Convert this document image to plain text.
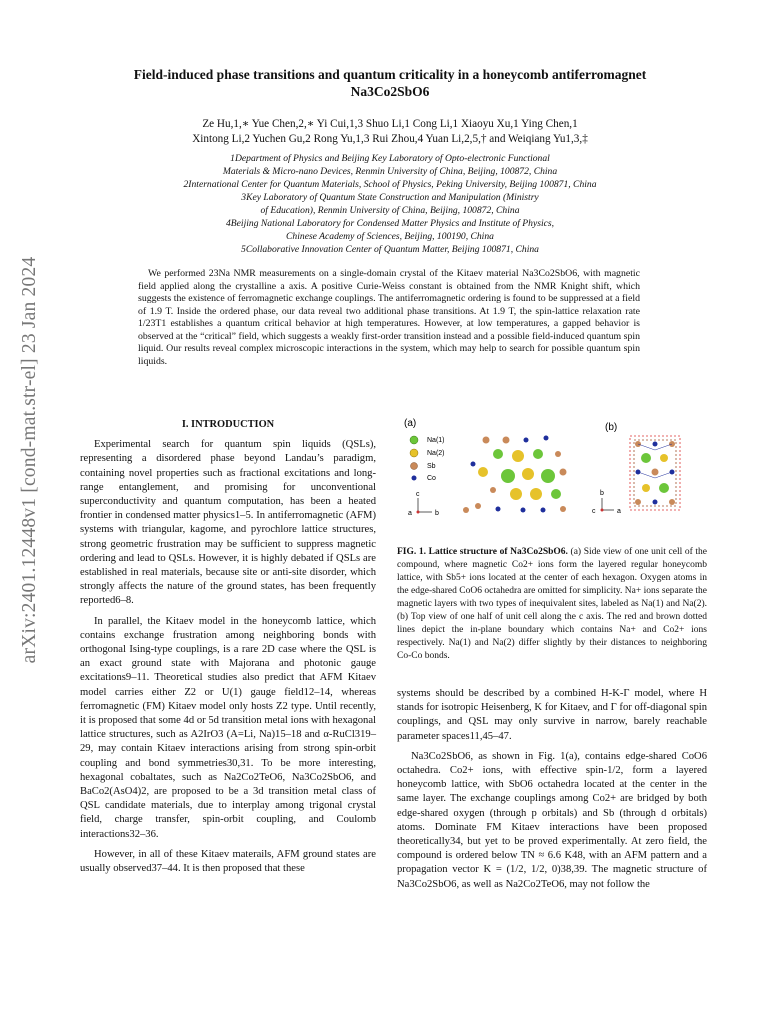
arXiv:2401.12448v1 [cond-mat.str-el] 23 Jan 2024
Field-induced phase transitions and quantum criticality in a honeycomb antiferromagnet
Na3Co2SbO6
Ze Hu,1,∗ Yue Chen,2,∗ Yi Cui,1,3 Shuo Li,1 Cong Li,1 Xiaoyu Xu,1 Ying Chen,1
Xintong Li,2 Yuchen Gu,2 Rong Yu,1,3 Rui Zhou,4 Yuan Li,2,5,† and Weiqiang Yu1,3,‡
1Department of Physics and Beijing Key Laboratory of Opto-electronic Functional
Materials & Micro-nano Devices, Renmin University of China, Beijing, 100872, China
2International Center for Quantum Materials, School of Physics, Peking University, Beijing 100871, China
3Key Laboratory of Quantum State Construction and Manipulation (Ministry
of Education), Renmin University of China, Beijing, 100872, China
4Beijing National Laboratory for Condensed Matter Physics and Institute of Physics,
Chinese Academy of Sciences, Beijing, 100190, China
5Collaborative Innovation Center of Quantum Matter, Beijing 100871, China
We performed 23Na NMR measurements on a single-domain crystal of the Kitaev material Na3Co2SbO6, with magnetic field applied along the crystalline a axis. A positive Curie-Weiss constant is obtained from the NMR Knight shift, which suggests the existence of ferromagnetic exchange couplings. The antiferromagnetic ordering is found to be suppressed at a field of 1.9 T. Inside the ordered phase, our data reveal two additional phase transitions. At 1.9 T, the spin-lattice relaxation rate 1/23T1 establishes a quantum critical behavior at high temperatures. However, at low temperatures, a gapped behavior is observed at the “critical” field, which suggests a weakly first-order transition instead and a possible field-induced quantum spin liquid. Our results reveal complex microscopic interactions in the system, which may help to search for possible quantum spin liquids.

I. INTRODUCTION

Experimental search for quantum spin liquids (QSLs), representing a disordered phase beyond Landau’s paradigm, containing novel properties such as fractional excitations and long-range entanglement, and promising for unconventional superconductivity and quantum computation, has been a heated frontier in condensed matter physics1–5. In antiferromagnetic (AFM) systems with triangular, kagome, and pyrochlore lattice structures, strong geometric frustration may be sufficient to suppress magnetic ordering and lead to QSLs. However, it is highly debated if QSLs are established in real materials, because site or anti-site disorder, which strongly affects the nature of the ground states, has been frequently reported6–8.

In parallel, the Kitaev model in the honeycomb lattice, which contains exchange frustration among neighboring bonds with orthogonal Ising-type couplings, is a rare 2D case where the QSL is an exact ground state with Majorana and photonic gauge excitations9–11. Theoretical studies also predict that AFM Kitaev model carries either Z2 or U(1) gauge field12–14, whereas ferromagnetic (FM) Kitaev model only hosts Z2 type. Until recently, it is proposed that some 4d or 5d transition metal ions with hexagonal lattice structures, such as A2IrO3 (A=Li, Na)15–18 and α-RuCl319–29, may contain Kitaev interactions arising from strong spin-orbit coupling and bond symmetries30,31. To be more interesting, hexagonal cobaltates, such as Na2Co2TeO6, Na3Co2SbO6, and BaCo2(AsO4)2, are proposed to be a 3d transition metal class of QSL candidate materials, due to interplay among trigonal crystal field, charge transfer, spin-orbit coupling, and Coulomb interactions32–36.

However, in all of these Kitaev materails, AFM ground states are usually observed37–44. It is then proposed that these

(a)	(b)
Na(1)
Na(2)
Sb
Co
c
a	b
b
c	a
FIG. 1. Lattice structure of Na3Co2SbO6. (a) Side view of one unit cell of the compound, where magnetic Co2+ ions form the layered regular honeycomb lattice, with Sb5+ ions located at the center of each hexagon. Oxygen atoms in the edge-shared CoO6 octahedra are omitted for simplicity. Na+ ions separate the magnetic layers with two types of inequivalent sites, labeled as Na(1) and Na(2). (b) Top view of one half of unit cell along the c axis. The red and brown dotted lines depict the in-plane boundary which contains Na+ and Co2+ ions respectively. Na(1) and Na(2) differ slightly by their distances to neighboring Co-Co bonds.

systems should be described by a combined H-K-Γ model, where H stands for isotropic Heisenberg, K for Kitaev, and Γ for off-diagonal spin couplings, and QSL may only survive in narrow, barely reachable parameter spaces11,45–47.

Na3Co2SbO6, as shown in Fig. 1(a), contains edge-shared CoO6 octahedra. Co2+ ions, with effective spin-1/2, form a layered honeycomb lattice, with SbO6 octahedra located at the center in the same layer. The exchange couplings among Co2+ are bridged by both edge-shared oxygen (through p orbitals) and Sb (through d orbitals) atoms. Dominate FM Kitaev interactions have been proposed theoretically34, but yet to be proved experimentally. At zero field, the compound is ordered below TN ≈ 6.6 K48, with an AFM pattern and a propagation vector K = (1/2, 1/2, 0)38,39. The magnetic structure of Na3Co2SbO6, as well as Na2Co2TeO6, may not follow the
